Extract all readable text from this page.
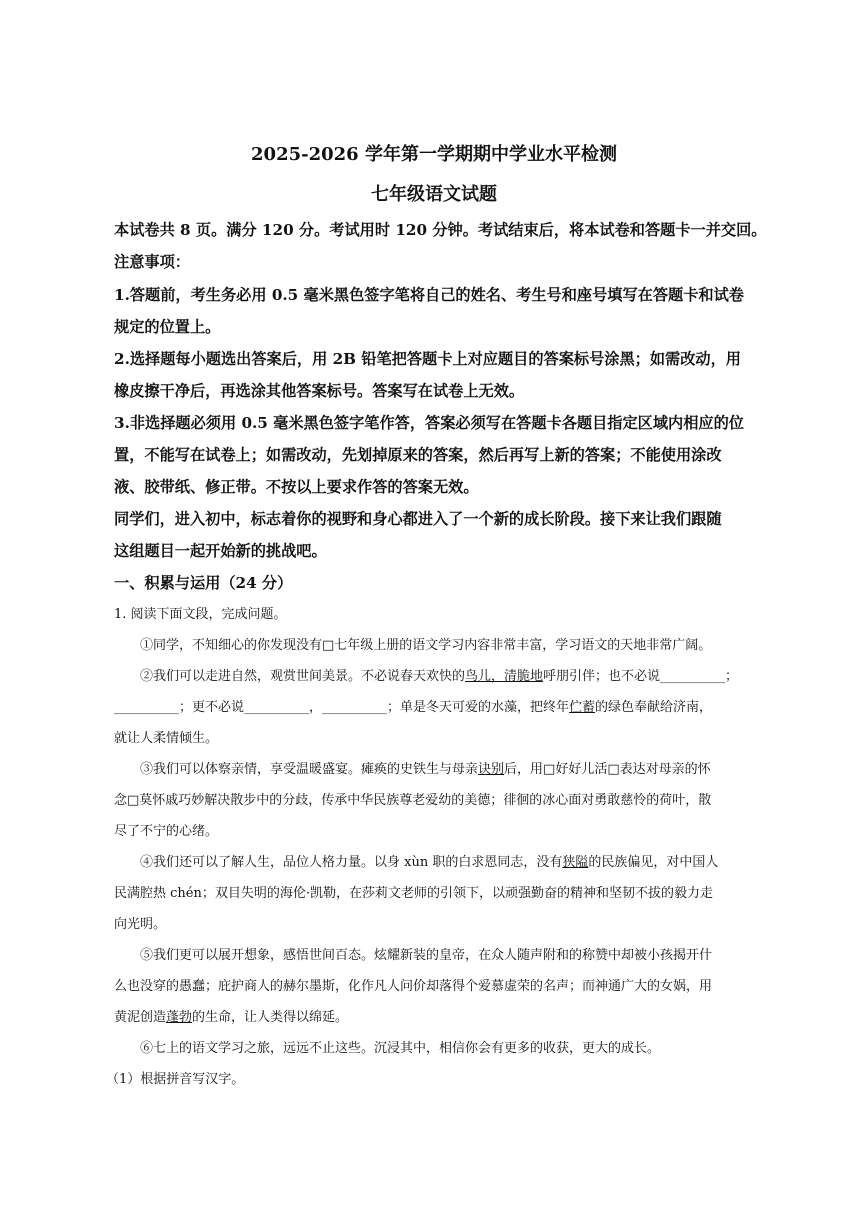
2025-2026 学年第一学期期中学业水平检测
七年级语文试题

本试卷共 8 页。满分 120 分。考试用时 120 分钟。考试结束后，将本试卷和答题卡一并交回。

注意事项：

1.答题前，考生务必用 0.5 毫米黑色签字笔将自己的姓名、考生号和座号填写在答题卡和试卷

规定的位置上。

2.选择题每小题选出答案后，用 2B 铅笔把答题卡上对应题目的答案标号涂黑；如需改动，用

橡皮擦干净后，再选涂其他答案标号。答案写在试卷上无效。

3.非选择题必须用 0.5 毫米黑色签字笔作答，答案必须写在答题卡各题目指定区域内相应的位

置，不能写在试卷上；如需改动，先划掉原来的答案，然后再写上新的答案；不能使用涂改

液、胶带纸、修正带。不按以上要求作答的答案无效。

同学们，进入初中，标志着你的视野和身心都进入了一个新的成长阶段。接下来让我们跟随

这组题目一起开始新的挑战吧。

一、积累与运用（24 分）

1. 阅读下面文段，完成问题。

①同学，不知细心的你发现没有□七年级上册的语文学习内容非常丰富，学习语文的天地非常广阔。

②我们可以走进自然，观赏世间美景。不必说春天欢快的鸟儿，清脆地呼朋引伴；也不必说__________；

__________；更不必说__________，__________；单是冬天可爱的水藻，把终年伫蓄的绿色奉献给济南，

就让人柔情倾生。

③我们可以体察亲情，享受温暖盛宴。瘫痪的史铁生与母亲诀别后，用□好好儿活□表达对母亲的怀

念□莫怀戚巧妙解决散步中的分歧，传承中华民族尊老爱幼的美德；徘徊的冰心面对勇敢慈怜的荷叶，散

尽了不宁的心绪。

④我们还可以了解人生，品位人格力量。以身 xùn 职的白求恩同志，没有狭隘的民族偏见，对中国人

民满腔热 chén；双目失明的海伦·凯勒，在莎莉文老师的引领下，以顽强勤奋的精神和坚韧不拔的毅力走

向光明。

⑤我们更可以展开想象，感悟世间百态。炫耀新装的皇帝，在众人随声附和的称赞中却被小孩揭开什

么也没穿的愚蠢；庇护商人的赫尔墨斯，化作凡人问价却落得个爱慕虚荣的名声；而神通广大的女娲，用

黄泥创造蓬勃的生命，让人类得以绵延。

⑥七上的语文学习之旅，远远不止这些。沉浸其中，相信你会有更多的收获，更大的成长。

（1）根据拼音写汉字。
